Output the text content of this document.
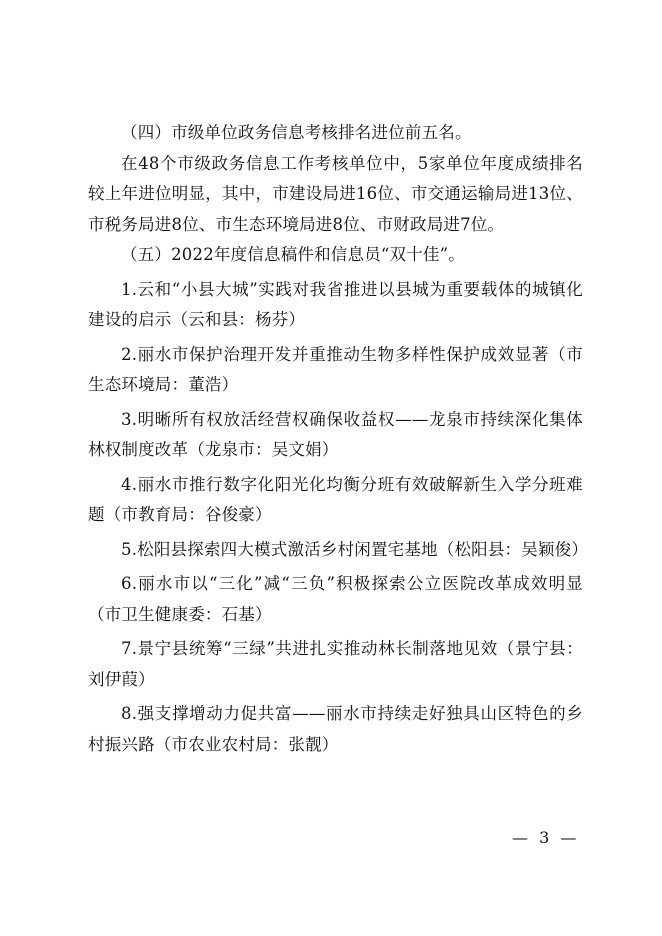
（四）市级单位政务信息考核排名进位前五名。

在48个市级政务信息工作考核单位中，5家单位年度成绩排名较上年进位明显，其中，市建设局进16位、市交通运输局进13位、市税务局进8位、市生态环境局进8位、市财政局进7位。

（五）2022年度信息稿件和信息员“双十佳”。

1.云和“小县大城”实践对我省推进以县城为重要载体的城镇化建设的启示（云和县：杨芬）

2.丽水市保护治理开发并重推动生物多样性保护成效显著（市生态环境局：董浩）

3.明晰所有权放活经营权确保收益权——龙泉市持续深化集体林权制度改革（龙泉市：吴文娟）

4.丽水市推行数字化阳光化均衡分班有效破解新生入学分班难题（市教育局：谷俊豪）

5.松阳县探索四大模式激活乡村闲置宅基地（松阳县：吴颖俊）

6.丽水市以“三化”减“三负”积极探索公立医院改革成效明显（市卫生健康委：石基）

7.景宁县统筹“三绿”共进扎实推动林长制落地见效（景宁县：刘伊葭）

8.强支撑增动力促共富——丽水市持续走好独具山区特色的乡村振兴路（市农业农村局：张靓）

— 3 —
